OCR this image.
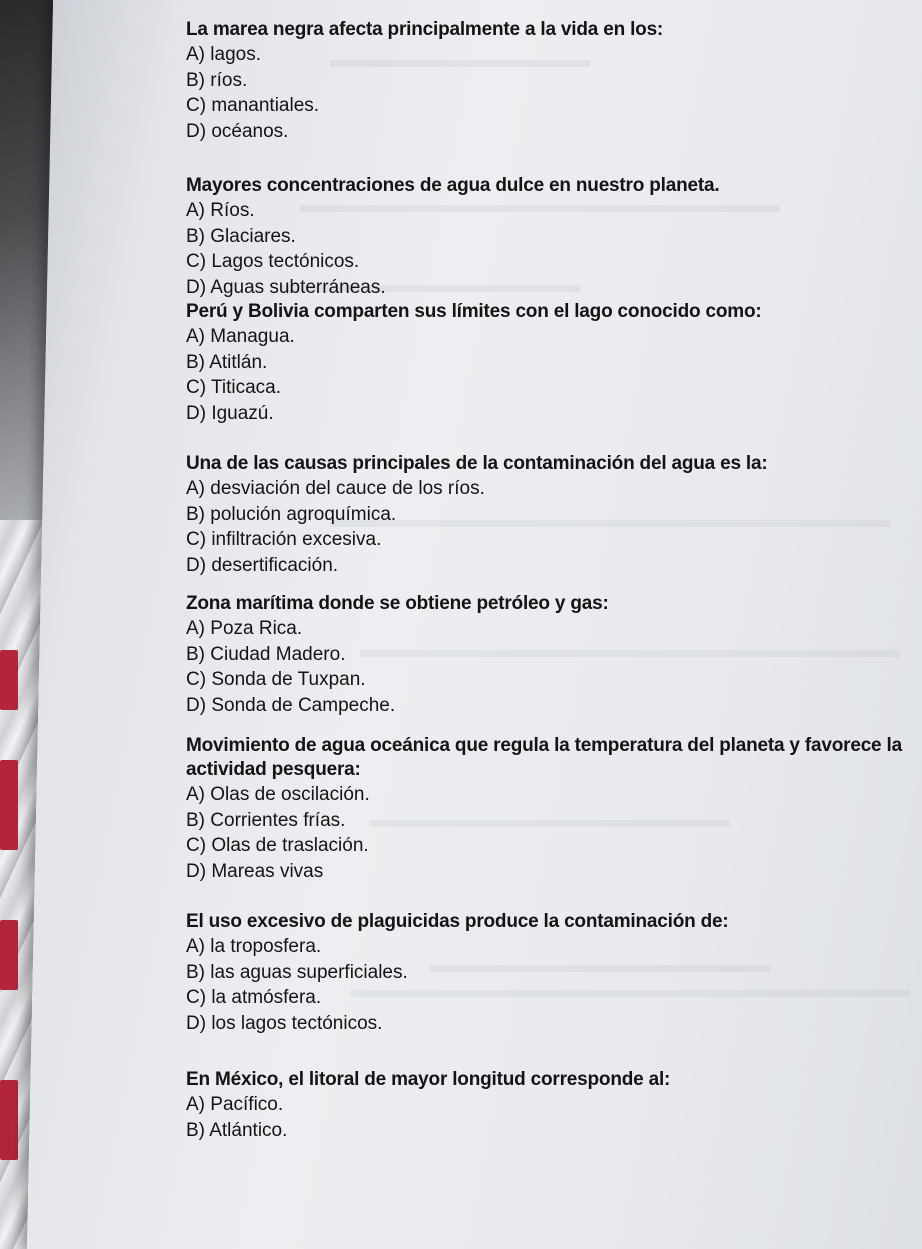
La marea negra afecta principalmente a la vida en los:
A) lagos.
B) ríos.
C) manantiales.
D) océanos.
Mayores concentraciones de agua dulce en nuestro planeta.
A) Ríos.
B) Glaciares.
C) Lagos tectónicos.
D) Aguas subterráneas.
Perú y Bolivia comparten sus límites con el lago conocido como:
A) Managua.
B) Atitlán.
C) Titicaca.
D) Iguazú.
Una de las causas principales de la contaminación del agua es la:
A) desviación del cauce de los ríos.
B) polución agroquímica.
C) infiltración excesiva.
D) desertificación.
Zona marítima donde se obtiene petróleo y gas:
A) Poza Rica.
B) Ciudad Madero.
C) Sonda de Tuxpan.
D) Sonda de Campeche.
Movimiento de agua oceánica que regula la temperatura del planeta y favorece la
actividad pesquera:
A) Olas de oscilación.
B) Corrientes frías.
C) Olas de traslación.
D) Mareas vivas
El uso excesivo de plaguicidas produce la contaminación de:
A) la troposfera.
B) las aguas superficiales.
C) la atmósfera.
D) los lagos tectónicos.
En México, el litoral de mayor longitud corresponde al:
A) Pacífico.
B) Atlántico.
